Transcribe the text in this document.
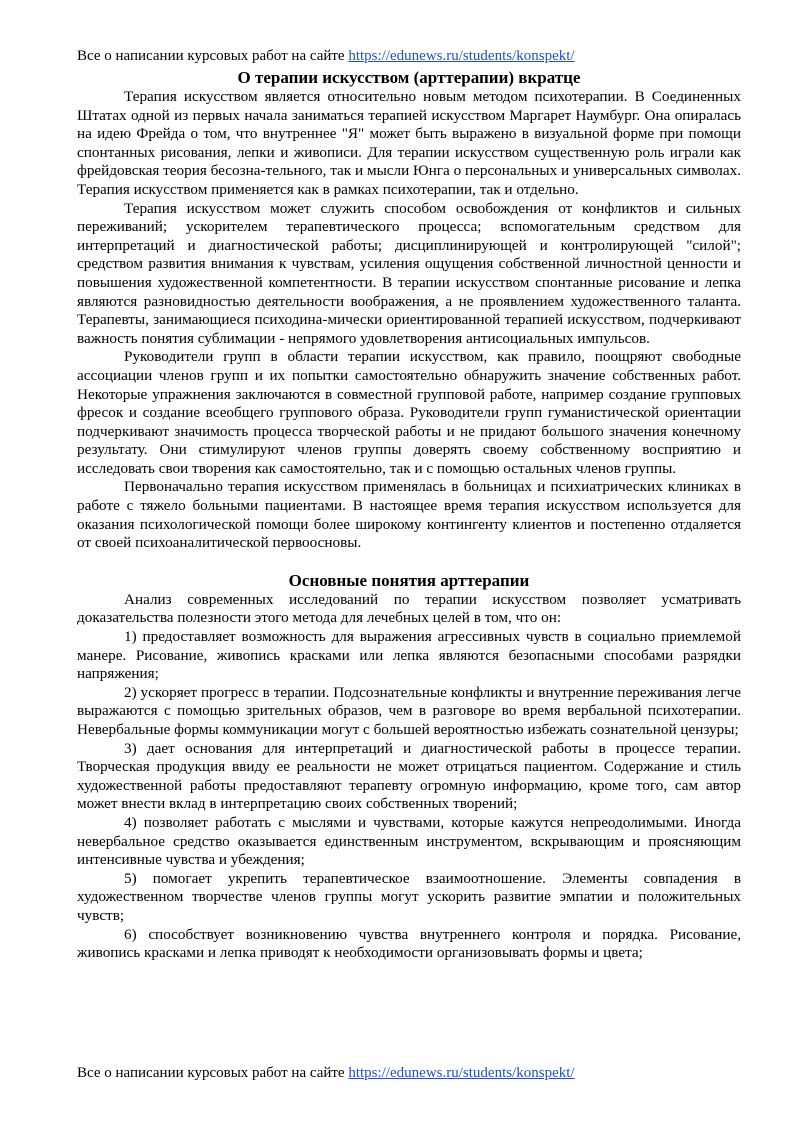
Все о написании курсовых работ на сайте https://edunews.ru/students/konspekt/
О терапии искусством (арттерапии) вкратце

Терапия искусством является относительно новым методом психотерапии. В Соединенных Штатах одной из первых начала заниматься терапией искусством Маргарет Наумбург. Она опиралась на идею Фрейда о том, что внутреннее "Я" может быть выражено в визуальной форме при помощи спонтанных рисования, лепки и живописи. Для терапии искусством существенную роль играли как фрейдовская теория бесозна-тельного, так и мысли Юнга о персональных и универсальных символах. Терапия искусством применяется как в рамках психотерапии, так и отдельно.

Терапия искусством может служить способом освобождения от конфликтов и сильных переживаний; ускорителем терапевтического процесса; вспомогательным средством для интерпретаций и диагностической работы; дисциплинирующей и контролирующей "силой"; средством развития внимания к чувствам, усиления ощущения собственной личностной ценности и повышения художественной компетентности. В терапии искусством спонтанные рисование и лепка являются разновидностью деятельности воображения, а не проявлением художественного таланта. Терапевты, занимающиеся психодина-мически ориентированной терапией искусством, подчеркивают важность понятия сублимации - непрямого удовлетворения антисоциальных импульсов.

Руководители групп в области терапии искусством, как правило, поощряют свободные ассоциации членов групп и их попытки самостоятельно обнаружить значение собственных работ. Некоторые упражнения заключаются в совместной групповой работе, например создание групповых фресок и создание всеобщего группового образа. Руководители групп гуманистической ориентации подчеркивают значимость процесса творческой работы и не придают большого значения конечному результату. Они стимулируют членов группы доверять своему собственному восприятию и исследовать свои творения как самостоятельно, так и с помощью остальных членов группы.

Первоначально терапия искусством применялась в больницах и психиатрических клиниках в работе с тяжело больными пациентами. В настоящее время терапия искусством используется для оказания психологической помощи более широкому контингенту клиентов и постепенно отдаляется от своей психоаналитической первоосновы.

Основные понятия арттерапии

Анализ современных исследований по терапии искусством позволяет усматривать доказательства полезности этого метода для лечебных целей в том, что он:

1) предоставляет возможность для выражения агрессивных чувств в социально приемлемой манере. Рисование, живопись красками или лепка являются безопасными способами разрядки напряжения;

2) ускоряет прогресс в терапии. Подсознательные конфликты и внутренние переживания легче выражаются с помощью зрительных образов, чем в разговоре во время вербальной психотерапии. Невербальные формы коммуникации могут с большей вероятностью избежать сознательной цензуры;

3) дает основания для интерпретаций и диагностической работы в процессе терапии. Творческая продукция ввиду ее реальности не может отрицаться пациентом. Содержание и стиль художественной работы предоставляют терапевту огромную информацию, кроме того, сам автор может внести вклад в интерпретацию своих собственных творений;

4) позволяет работать с мыслями и чувствами, которые кажутся непреодолимыми. Иногда невербальное средство оказывается единственным инструментом, вскрывающим и проясняющим интенсивные чувства и убеждения;

5) помогает укрепить терапевтическое взаимоотношение. Элементы совпадения в художественном творчестве членов группы могут ускорить развитие эмпатии и положительных чувств;

6) способствует возникновению чувства внутреннего контроля и порядка. Рисование, живопись красками и лепка приводят к необходимости организовывать формы и цвета;

Все о написании курсовых работ на сайте https://edunews.ru/students/konspekt/
